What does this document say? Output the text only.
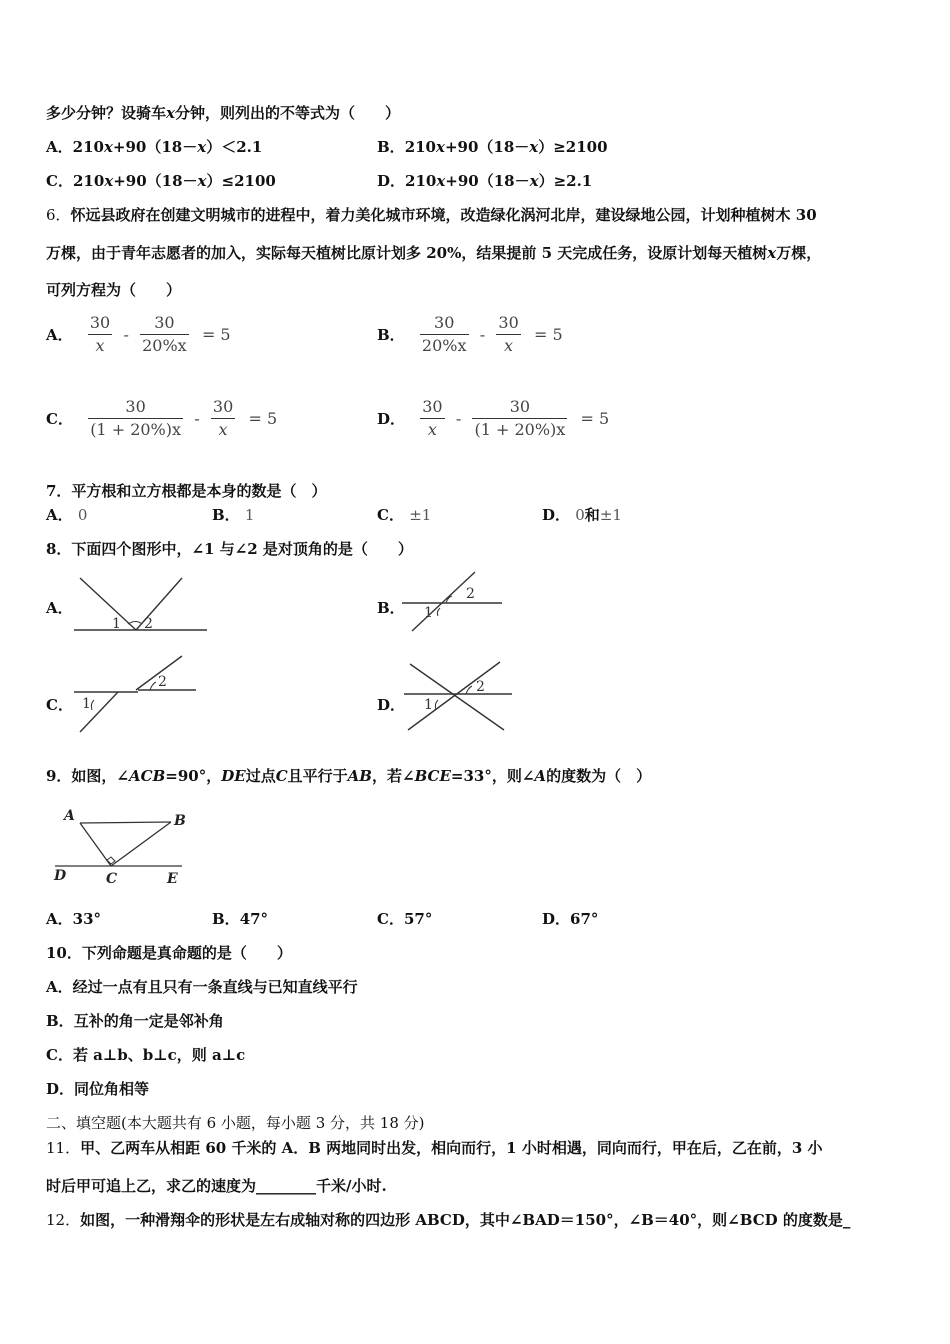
多少分钟？设骑车x分钟，则列出的不等式为（　　）
A．210x+90（18－x）＜2.1	B．210x+90（18－x）≥2100
C．210x+90（18－x）≤2100	D．210x+90（18－x）≥2.1
6．怀远县政府在创建文明城市的进程中，着力美化城市环境，改造绿化涡河北岸，建设绿地公园，计划种植树木 30
万棵，由于青年志愿者的加入，实际每天植树比原计划多 20%，结果提前 5 天完成任务，设原计划每天植树x万棵，
可列方程为（　　）
A． $\frac{30}{x} - \frac{30}{20\%x} = 5$	B． $\frac{30}{20\%x} - \frac{30}{x} = 5$
C． $\frac{30}{(1 + 20\%)x} - \frac{30}{x} = 5$	D． $\frac{30}{x} - \frac{30}{(1 + 20\%)x} = 5$
7．平方根和立方根都是本身的数是（　）
A． 0	B． 1	C． ±1	D． 0和±1
8．下面四个图形中，∠1 与∠2 是对顶角的是（　　）
A．
1 2
B． 1
2
C． 1
2
D． 1
2
9．如图，∠ACB=90°，DE过点C且平行于AB，若∠BCE=33°，则∠A的度数为（　）
A	B
C
D	E
A．33°	B．47°	C．57°	D．67°
10．下列命题是真命题的是（　　）
A．经过一点有且只有一条直线与已知直线平行
B．互补的角一定是邻补角
C．若 a⊥b、b⊥c，则 a⊥c
D．同位角相等
二、填空题(本大题共有 6 小题，每小题 3 分，共 18 分)
11．甲、乙两车从相距 60 千米的 A．B 两地同时出发，相向而行，1 小时相遇，同向而行，甲在后，乙在前，3 小
时后甲可追上乙，求乙的速度为________千米/小时.
12．如图，一种滑翔伞的形状是左右成轴对称的四边形 ABCD，其中∠BAD＝150°，∠B＝40°，则∠BCD 的度数是_
